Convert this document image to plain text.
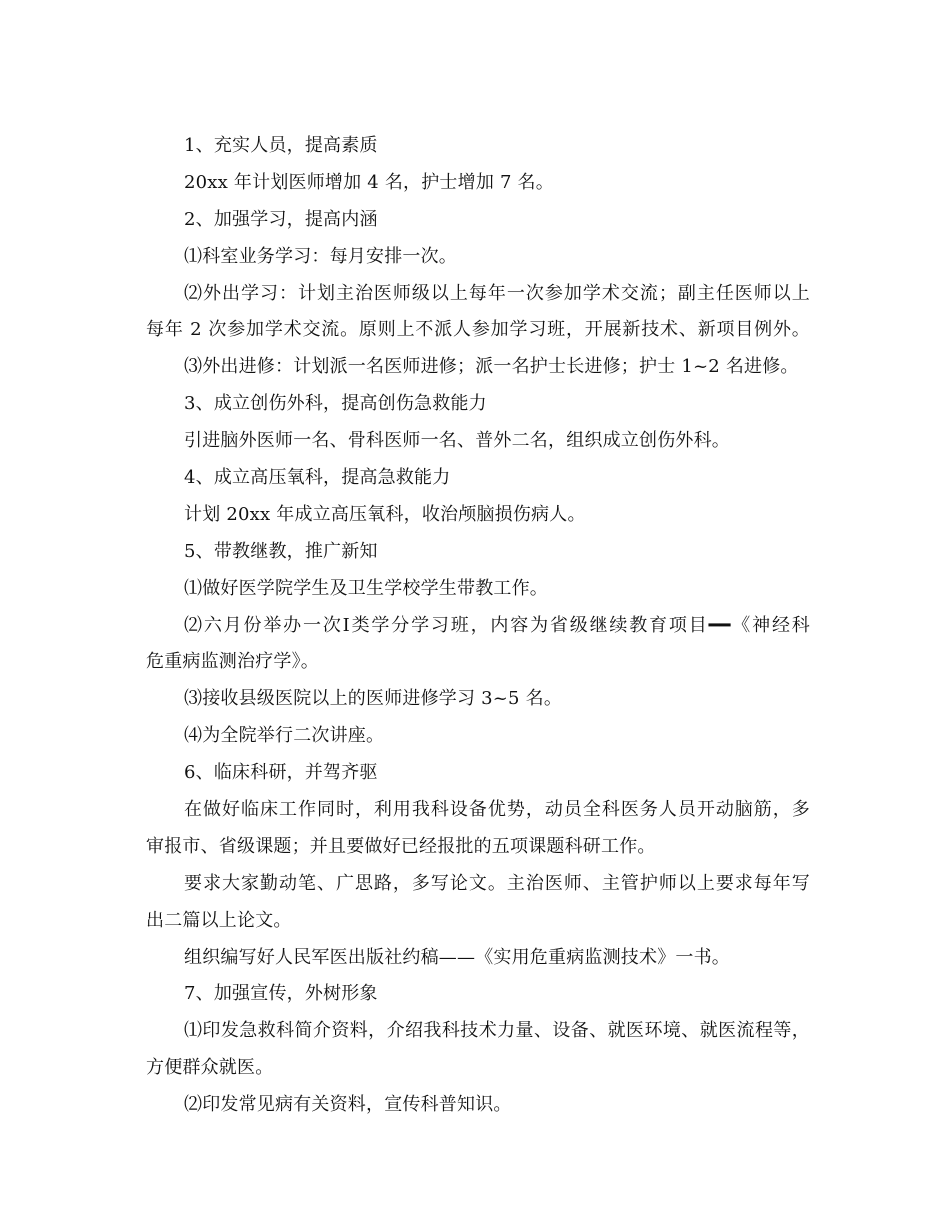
1、充实人员，提高素质
20xx 年计划医师增加 4 名，护士增加 7 名。
2、加强学习，提高内涵
⑴科室业务学习：每月安排一次。
⑵外出学习：计划主治医师级以上每年一次参加学术交流；副主任医师以上
每年 2 次参加学术交流。原则上不派人参加学习班，开展新技术、新项目例外。
⑶外出进修：计划派一名医师进修；派一名护士长进修；护士 1~2 名进修。
3、成立创伤外科，提高创伤急救能力
引进脑外医师一名、骨科医师一名、普外二名，组织成立创伤外科。
4、成立高压氧科，提高急救能力
计划 20xx 年成立高压氧科，收治颅脑损伤病人。
5、带教继教，推广新知
⑴做好医学院学生及卫生学校学生带教工作。
⑵六月份举办一次Ⅰ类学分学习班，内容为省级继续教育项目━━《神经科
危重病监测治疗学》。
⑶接收县级医院以上的医师进修学习 3~5 名。
⑷为全院举行二次讲座。
6、临床科研，并驾齐驱
在做好临床工作同时，利用我科设备优势，动员全科医务人员开动脑筋，多
审报市、省级课题；并且要做好已经报批的五项课题科研工作。
要求大家勤动笔、广思路，多写论文。主治医师、主管护师以上要求每年写
出二篇以上论文。
组织编写好人民军医出版社约稿——《实用危重病监测技术》一书。
7、加强宣传，外树形象
⑴印发急救科简介资料，介绍我科技术力量、设备、就医环境、就医流程等，
方便群众就医。
⑵印发常见病有关资料，宣传科普知识。
